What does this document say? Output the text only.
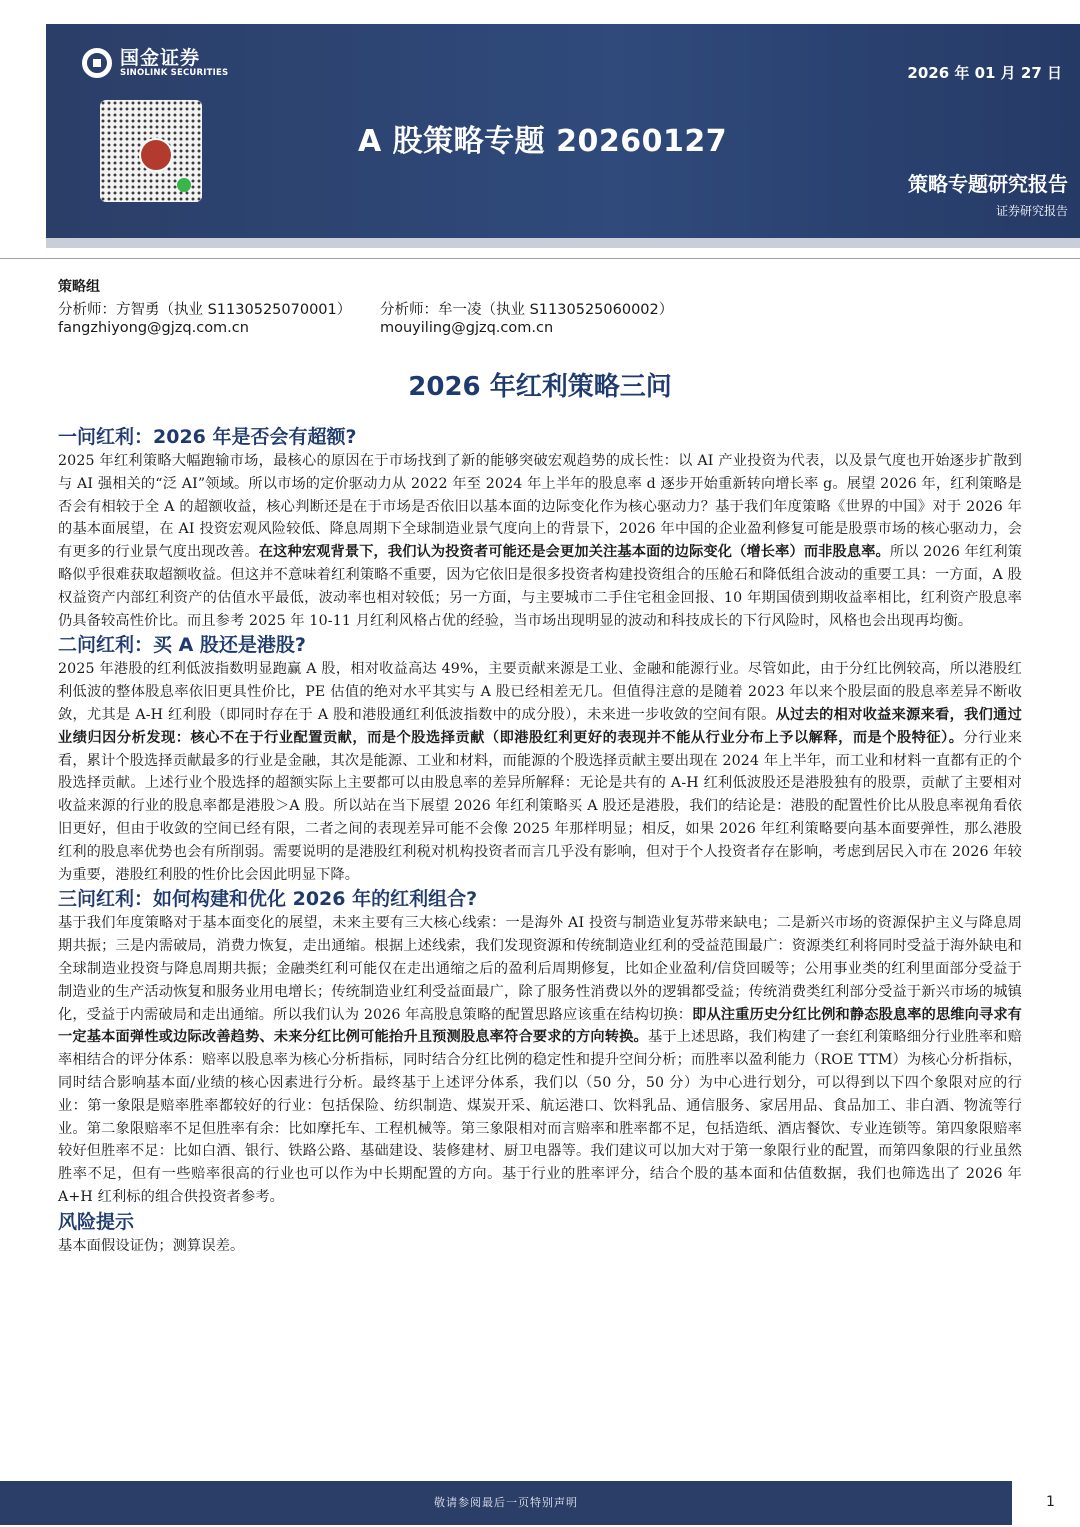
国金证券
SINOLINK SECURITIES	2026 年 01 月 27 日
A 股策略专题 20260127
策略专题研究报告
证券研究报告
策略组
分析师：方智勇（执业 S1130525070001）
fangzhiyong@gjzq.com.cn
分析师：牟一凌（执业 S1130525060002）
mouyiling@gjzq.com.cn
2026 年红利策略三问
一问红利：2026 年是否会有超额?
2025 年红利策略大幅跑输市场，最核心的原因在于市场找到了新的能够突破宏观趋势的成长性：以 AI 产业投资为代表，以及景气度也开始逐步扩散到与 AI 强相关的“泛 AI”领域。所以市场的定价驱动力从 2022 年至 2024 年上半年的股息率 d 逐步开始重新转向增长率 g。展望 2026 年，红利策略是否会有相较于全 A 的超额收益，核心判断还是在于市场是否依旧以基本面的边际变化作为核心驱动力？基于我们年度策略《世界的中国》对于 2026 年的基本面展望，在 AI 投资宏观风险较低、降息周期下全球制造业景气度向上的背景下，2026 年中国的企业盈利修复可能是股票市场的核心驱动力，会有更多的行业景气度出现改善。在这种宏观背景下，我们认为投资者可能还是会更加关注基本面的边际变化（增长率）而非股息率。所以 2026 年红利策略似乎很难获取超额收益。但这并不意味着红利策略不重要，因为它依旧是很多投资者构建投资组合的压舱石和降低组合波动的重要工具：一方面，A 股权益资产内部红利资产的估值水平最低，波动率也相对较低；另一方面，与主要城市二手住宅租金回报、10 年期国债到期收益率相比，红利资产股息率仍具备较高性价比。而且参考 2025 年 10-11 月红利风格占优的经验，当市场出现明显的波动和科技成长的下行风险时，风格也会出现再均衡。
二问红利：买 A 股还是港股?
2025 年港股的红利低波指数明显跑赢 A 股，相对收益高达 49%，主要贡献来源是工业、金融和能源行业。尽管如此，由于分红比例较高，所以港股红利低波的整体股息率依旧更具性价比，PE 估值的绝对水平其实与 A 股已经相差无几。但值得注意的是随着 2023 年以来个股层面的股息率差异不断收敛，尤其是 A-H 红利股（即同时存在于 A 股和港股通红利低波指数中的成分股），未来进一步收敛的空间有限。从过去的相对收益来源来看，我们通过业绩归因分析发现：核心不在于行业配置贡献，而是个股选择贡献（即港股红利更好的表现并不能从行业分布上予以解释，而是个股特征）。分行业来看，累计个股选择贡献最多的行业是金融，其次是能源、工业和材料，而能源的个股选择贡献主要出现在 2024 年上半年，而工业和材料一直都有正的个股选择贡献。上述行业个股选择的超额实际上主要都可以由股息率的差异所解释：无论是共有的 A-H 红利低波股还是港股独有的股票，贡献了主要相对收益来源的行业的股息率都是港股＞A 股。所以站在当下展望 2026 年红利策略买 A 股还是港股，我们的结论是：港股的配置性价比从股息率视角看依旧更好，但由于收敛的空间已经有限，二者之间的表现差异可能不会像 2025 年那样明显；相反，如果 2026 年红利策略要向基本面要弹性，那么港股红利的股息率优势也会有所削弱。需要说明的是港股红利税对机构投资者而言几乎没有影响，但对于个人投资者存在影响，考虑到居民入市在 2026 年较为重要，港股红利股的性价比会因此明显下降。
三问红利：如何构建和优化 2026 年的红利组合?
基于我们年度策略对于基本面变化的展望，未来主要有三大核心线索：一是海外 AI 投资与制造业复苏带来缺电；二是新兴市场的资源保护主义与降息周期共振；三是内需破局，消费力恢复，走出通缩。根据上述线索，我们发现资源和传统制造业红利的受益范围最广：资源类红利将同时受益于海外缺电和全球制造业投资与降息周期共振；金融类红利可能仅在走出通缩之后的盈利后周期修复，比如企业盈利/信贷回暖等；公用事业类的红利里面部分受益于制造业的生产活动恢复和服务业用电增长；传统制造业红利受益面最广，除了服务性消费以外的逻辑都受益；传统消费类红利部分受益于新兴市场的城镇化，受益于内需破局和走出通缩。所以我们认为 2026 年高股息策略的配置思路应该重在结构切换：即从注重历史分红比例和静态股息率的思维向寻求有一定基本面弹性或边际改善趋势、未来分红比例可能抬升且预测股息率符合要求的方向转换。基于上述思路，我们构建了一套红利策略细分行业胜率和赔率相结合的评分体系：赔率以股息率为核心分析指标，同时结合分红比例的稳定性和提升空间分析；而胜率以盈利能力（ROE TTM）为核心分析指标，同时结合影响基本面/业绩的核心因素进行分析。最终基于上述评分体系，我们以（50 分，50 分）为中心进行划分，可以得到以下四个象限对应的行业：第一象限是赔率胜率都较好的行业：包括保险、纺织制造、煤炭开采、航运港口、饮料乳品、通信服务、家居用品、食品加工、非白酒、物流等行业。第二象限赔率不足但胜率有余：比如摩托车、工程机械等。第三象限相对而言赔率和胜率都不足，包括造纸、酒店餐饮、专业连锁等。第四象限赔率较好但胜率不足：比如白酒、银行、铁路公路、基础建设、装修建材、厨卫电器等。我们建议可以加大对于第一象限行业的配置，而第四象限的行业虽然胜率不足，但有一些赔率很高的行业也可以作为中长期配置的方向。基于行业的胜率评分，结合个股的基本面和估值数据，我们也筛选出了 2026 年 A+H 红利标的组合供投资者参考。
风险提示
基本面假设证伪；测算误差。
敬请参阅最后一页特别声明	1
